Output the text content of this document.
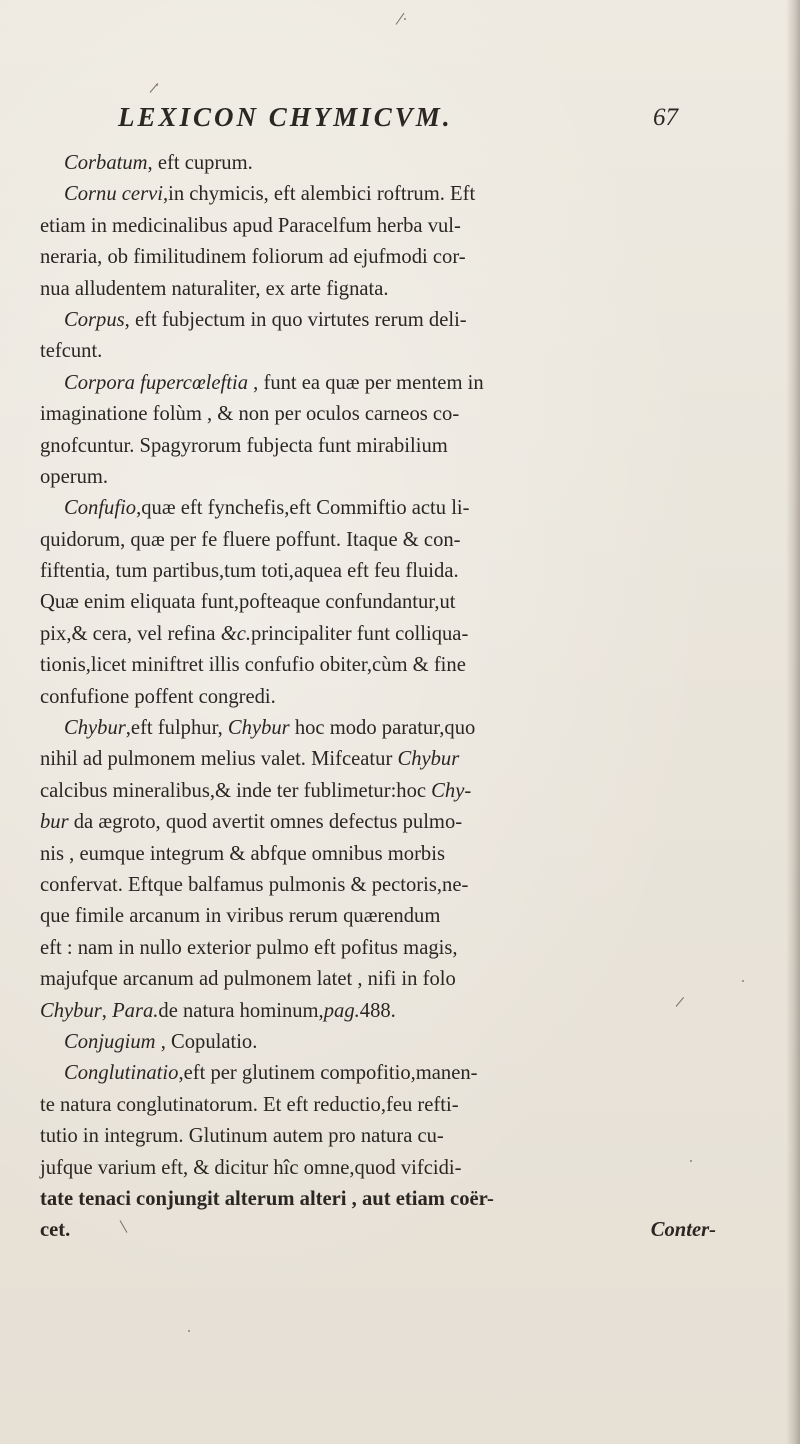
LEXICON CHYMICVM.	67
Corbatum, eft cuprum.
Cornu cervi,in chymicis, eft alembici roftrum. Eft
etiam in medicinalibus apud Paracelfum herba vul-
neraria, ob fimilitudinem foliorum ad ejufmodi cor-
nua alludentem naturaliter, ex arte fignata.
Corpus, eft fubjectum in quo virtutes rerum deli-
tefcunt.
Corpora fupercœleftia , funt ea quæ per mentem in
imaginatione folùm , & non per oculos carneos co-
gnofcuntur. Spagyrorum fubjecta funt mirabilium
operum.
Confufio,quæ eft fynchefis,eft Commiftio actu li-
quidorum, quæ per fe fluere poffunt. Itaque & con-
fiftentia, tum partibus,tum toti,aquea eft feu fluida.
Quæ enim eliquata funt,pofteaque confundantur,ut
pix,& cera, vel refina &c.principaliter funt colliqua-
tionis,licet miniftret illis confufio obiter,cùm & fine
confufione poffent congredi.
Chybur,eft fulphur, Chybur hoc modo paratur,quo
nihil ad pulmonem melius valet. Mifceatur Chybur
calcibus mineralibus,& inde ter fublimetur:hoc Chy-
bur da ægroto, quod avertit omnes defectus pulmo-
nis , eumque integrum & abfque omnibus morbis
confervat. Eftque balfamus pulmonis & pectoris,ne-
que fimile arcanum in viribus rerum quærendum
eft : nam in nullo exterior pulmo eft pofitus magis,
majufque arcanum ad pulmonem latet , nifi in folo
Chybur, Para.de natura hominum,pag.488.
Conjugium , Copulatio.
Conglutinatio,eft per glutinem compofitio,manen-
te natura conglutinatorum. Et eft reductio,feu refti-
tutio in integrum. Glutinum autem pro natura cu-
jufque varium eft, & dicitur hîc omne,quod vifcidi-
tate tenaci conjungit alterum alteri , aut etiam coër-
cet.	Conter-
